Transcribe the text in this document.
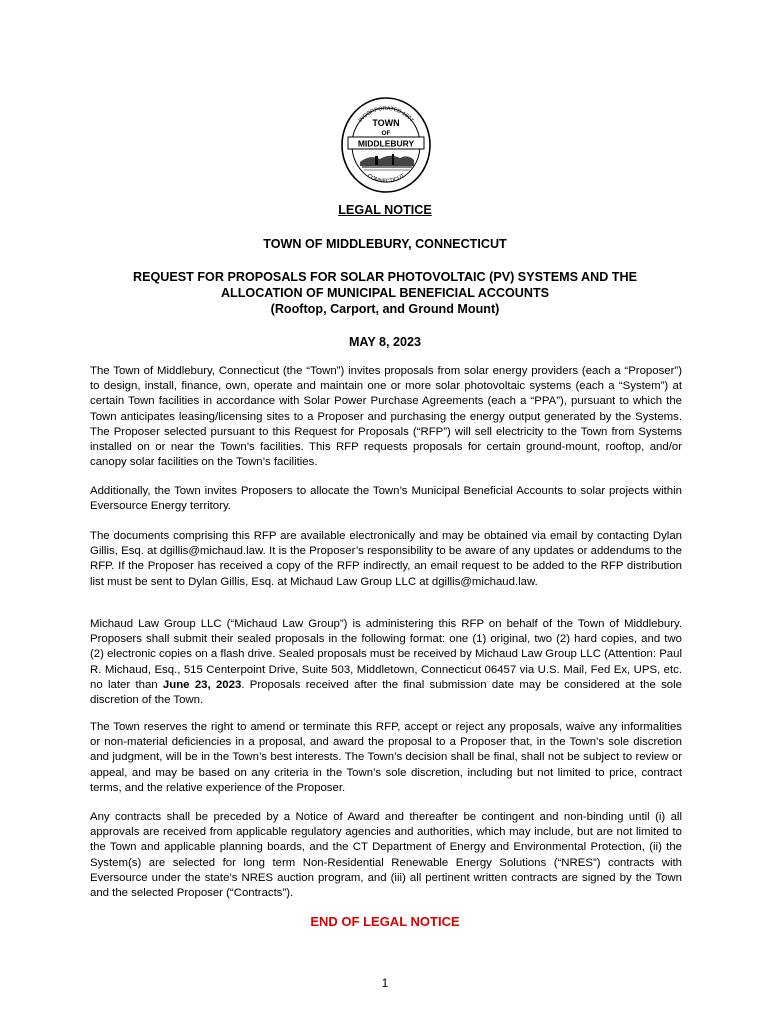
INCORPORATED 1807
CONNECTICUT
TOWN
OF
MIDDLEBURY
LEGAL NOTICE
TOWN OF MIDDLEBURY, CONNECTICUT
REQUEST FOR PROPOSALS FOR SOLAR PHOTOVOLTAIC (PV) SYSTEMS AND THE
ALLOCATION OF MUNICIPAL BENEFICIAL ACCOUNTS
(Rooftop, Carport, and Ground Mount)
MAY 8, 2023

The Town of Middlebury, Connecticut (the “Town”) invites proposals from solar energy providers (each a “Proposer”) to design, install, finance, own, operate and maintain one or more solar photovoltaic systems (each a “System”) at certain Town facilities in accordance with Solar Power Purchase Agreements (each a “PPA”), pursuant to which the Town anticipates leasing/licensing sites to a Proposer and purchasing the energy output generated by the Systems. The Proposer selected pursuant to this Request for Proposals (“RFP”) will sell electricity to the Town from Systems installed on or near the Town’s facilities. This RFP requests proposals for certain ground-mount, rooftop, and/or canopy solar facilities on the Town’s facilities.

Additionally, the Town invites Proposers to allocate the Town’s Municipal Beneficial Accounts to solar projects within Eversource Energy territory.

The documents comprising this RFP are available electronically and may be obtained via email by contacting Dylan Gillis, Esq. at dgillis@michaud.law. It is the Proposer’s responsibility to be aware of any updates or addendums to the RFP. If the Proposer has received a copy of the RFP indirectly, an email request to be added to the RFP distribution list must be sent to Dylan Gillis, Esq. at Michaud Law Group LLC at dgillis@michaud.law.

Michaud Law Group LLC (“Michaud Law Group”) is administering this RFP on behalf of the Town of Middlebury. Proposers shall submit their sealed proposals in the following format: one (1) original, two (2) hard copies, and two (2) electronic copies on a flash drive. Sealed proposals must be received by Michaud Law Group LLC (Attention: Paul R. Michaud, Esq., 515 Centerpoint Drive, Suite 503, Middletown, Connecticut 06457 via U.S. Mail, Fed Ex, UPS, etc. no later than June 23, 2023. Proposals received after the final submission date may be considered at the sole discretion of the Town.

The Town reserves the right to amend or terminate this RFP, accept or reject any proposals, waive any informalities or non-material deficiencies in a proposal, and award the proposal to a Proposer that, in the Town’s sole discretion and judgment, will be in the Town’s best interests. The Town’s decision shall be final, shall not be subject to review or appeal, and may be based on any criteria in the Town’s sole discretion, including but not limited to price, contract terms, and the relative experience of the Proposer.

Any contracts shall be preceded by a Notice of Award and thereafter be contingent and non-binding until (i) all approvals are received from applicable regulatory agencies and authorities, which may include, but are not limited to the Town and applicable planning boards, and the CT Department of Energy and Environmental Protection, (ii) the System(s) are selected for long term Non-Residential Renewable Energy Solutions (“NRES”) contracts with Eversource under the state’s NRES auction program, and (iii) all pertinent written contracts are signed by the Town and the selected Proposer (“Contracts”).

END OF LEGAL NOTICE
1
